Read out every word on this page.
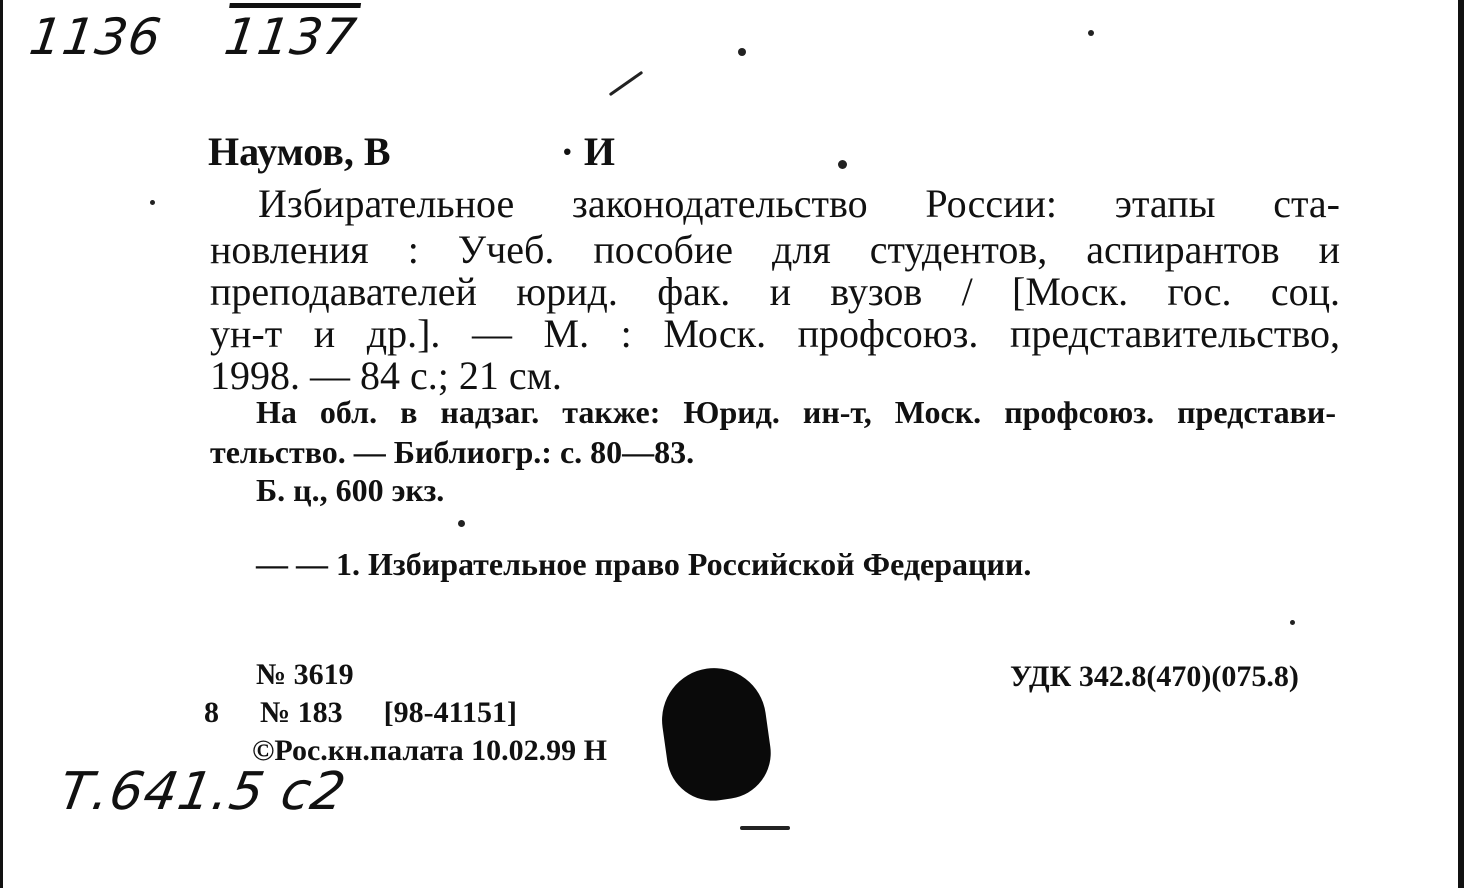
1136 1137
Наумов, В	· И
Избирательное законодательство России: этапы ста-
новления : Учеб. пособие для студентов, аспирантов и
преподавателей юрид. фак. и вузов / [Моск. гос. соц.
ун-т и др.]. — М. : Моск. профсоюз. представительство,
1998. — 84 с.; 21 см.
На обл. в надзаг. также: Юрид. ин-т, Моск. профсоюз. представи-
тельство. — Библиогр.: с. 80—83.
Б. ц., 600 экз.
— — 1. Избирательное право Российской Федерации.
№ 3619
8 № 183 [98-41151]
©Рос.кн.палата 10.02.99 Н
УДК 342.8(470)(075.8)
Т.641.5 с2
